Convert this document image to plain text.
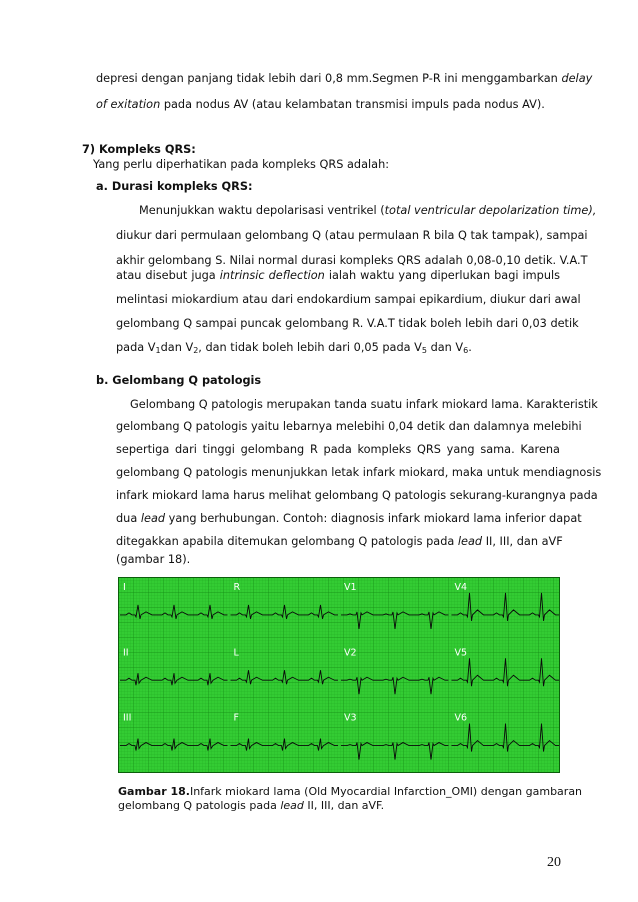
depresi dengan panjang tidak lebih dari 0,8 mm.Segmen P-R ini menggambarkan delay
of exitation pada nodus AV (atau kelambatan transmisi impuls pada nodus AV).
7) Kompleks QRS:
Yang perlu diperhatikan pada kompleks QRS adalah:
a. Durasi kompleks QRS:
Menunjukkan waktu depolarisasi ventrikel (total ventricular depolarization time),
diukur dari permulaan gelombang Q (atau permulaan R bila Q tak tampak), sampai
akhir gelombang S. Nilai normal durasi kompleks QRS adalah 0,08-0,10 detik. V.A.T
atau disebut juga intrinsic deflection ialah waktu yang diperlukan bagi impuls
melintasi miokardium atau dari endokardium sampai epikardium, diukur dari awal
gelombang Q sampai puncak gelombang R. V.A.T tidak boleh lebih dari 0,03 detik
pada $V_1dan$ $V_2$, dan tidak boleh lebih dari 0,05 pada $V_5$ dan $V_6$.
b. Gelombang Q patologis
Gelombang Q patologis merupakan tanda suatu infark miokard lama. Karakteristik
gelombang Q patologis yaitu lebarnya melebihi 0,04 detik dan dalamnya melebihi
sepertiga dari tinggi gelombang R pada kompleks QRS yang sama. Karena
gelombang Q patologis menunjukkan letak infark miokard, maka untuk mendiagnosis
infark miokard lama harus melihat gelombang Q patologis sekurang-kurangnya pada
dua lead yang berhubungan. Contoh: diagnosis infark miokard lama inferior dapat
ditegakkan apabila ditemukan gelombang Q patologis pada lead II, III, dan aVF
(gambar 18).
I	R	V1	V4
II	L	V2	V5
III	F	V3	V6
Gambar 18.Infark miokard lama (Old Myocardial Infarction_OMI) dengan gambaran
gelombang Q patologis pada lead II, III, dan aVF.
20
